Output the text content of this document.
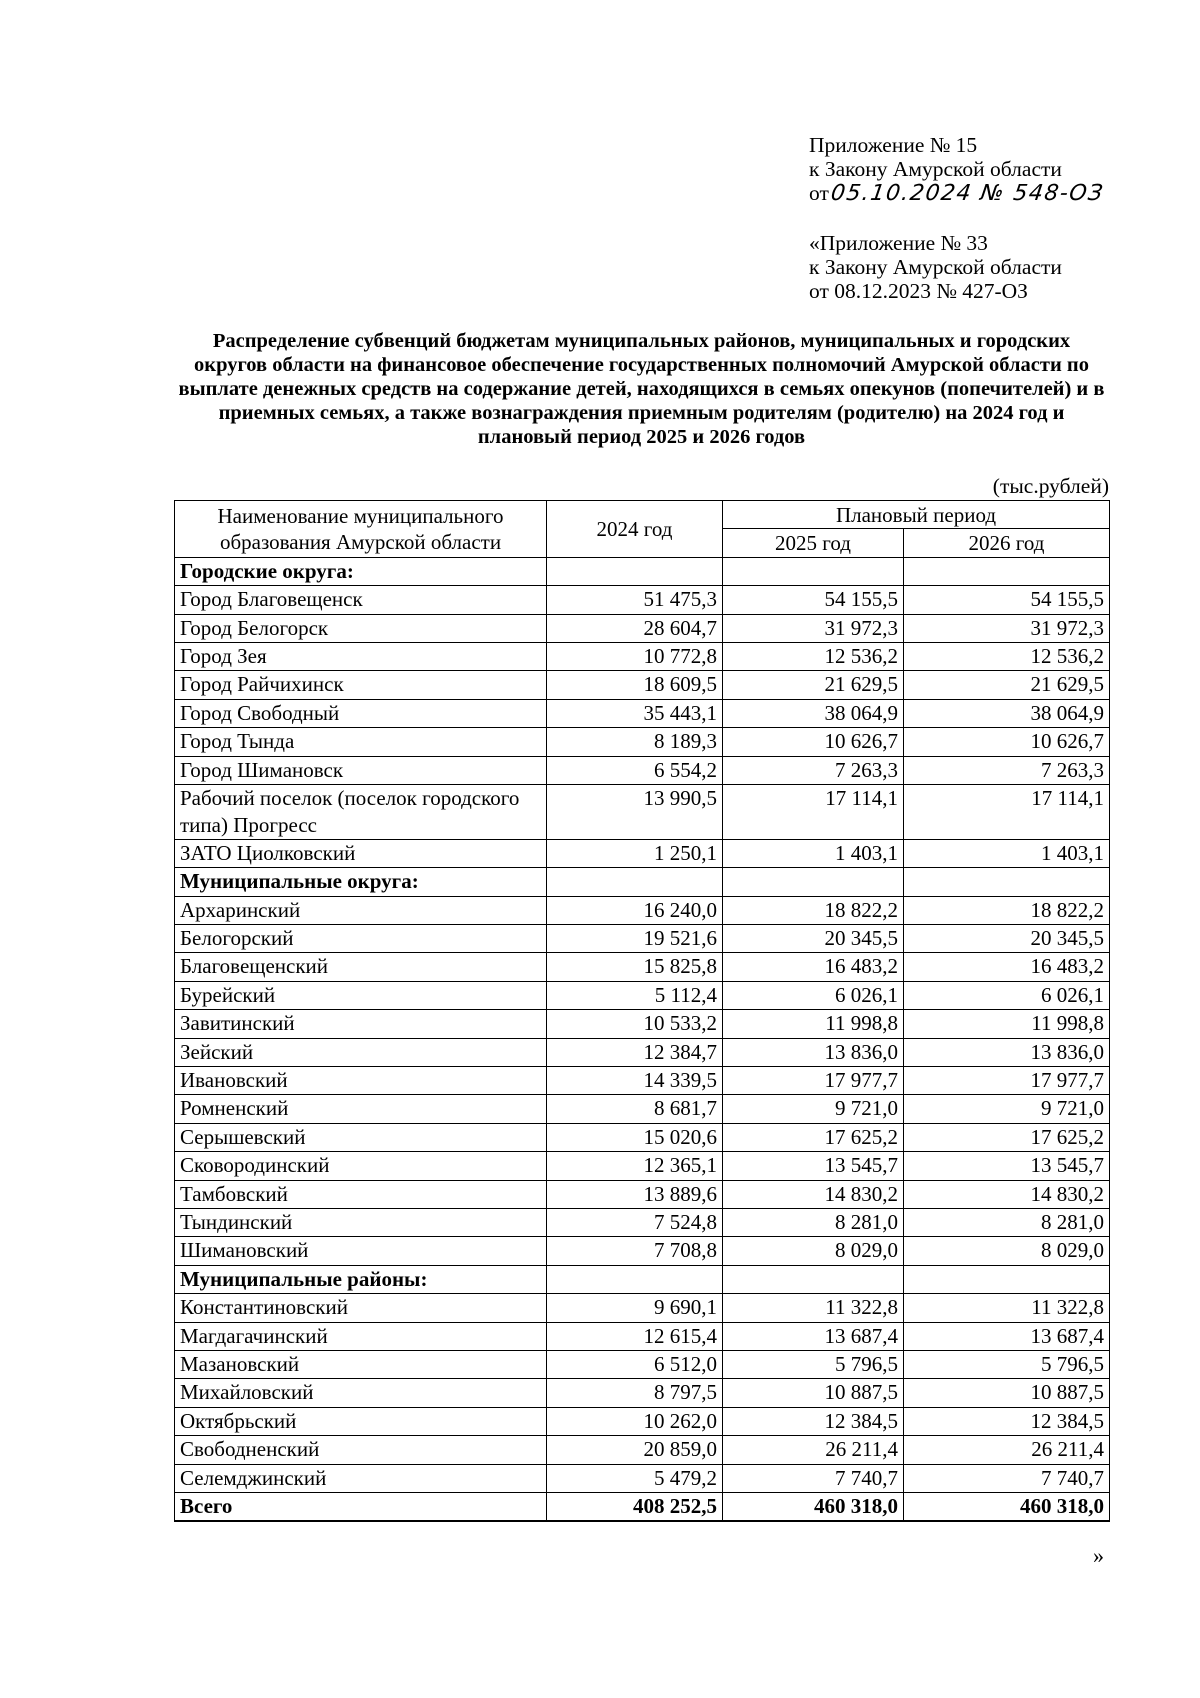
Приложение № 15
к Закону Амурской области
от05.10.2024 № 548-ОЗ
«Приложение № 33
к Закону Амурской области
от 08.12.2023 № 427-ОЗ
Распределение субвенций бюджетам муниципальных районов, муниципальных и городских округов области на финансовое обеспечение государственных полномочий Амурской области по выплате денежных средств на содержание детей, находящихся в семьях опекунов (попечителей) и в приемных семьях, а также вознаграждения приемным родителям (родителю) на 2024 год и плановый период 2025 и 2026 годов
(тыс.рублей)
Наименование муниципального образования Амурской области	2024 год	Плановый период	
		2025 год	2026 год
Городские округа:			
Город Благовещенск	51 475,3	54 155,5	54 155,5
Город Белогорск	28 604,7	31 972,3	31 972,3
Город Зея	10 772,8	12 536,2	12 536,2
Город Райчихинск	18 609,5	21 629,5	21 629,5
Город Свободный	35 443,1	38 064,9	38 064,9
Город Тында	8 189,3	10 626,7	10 626,7
Город Шимановск	6 554,2	7 263,3	7 263,3
Рабочий поселок (поселок городского типа) Прогресс	13 990,5	17 114,1	17 114,1
ЗАТО Циолковский	1 250,1	1 403,1	1 403,1
Муниципальные округа:			
Архаринский	16 240,0	18 822,2	18 822,2
Белогорский	19 521,6	20 345,5	20 345,5
Благовещенский	15 825,8	16 483,2	16 483,2
Бурейский	5 112,4	6 026,1	6 026,1
Завитинский	10 533,2	11 998,8	11 998,8
Зейский	12 384,7	13 836,0	13 836,0
Ивановский	14 339,5	17 977,7	17 977,7
Ромненский	8 681,7	9 721,0	9 721,0
Серышевский	15 020,6	17 625,2	17 625,2
Сковородинский	12 365,1	13 545,7	13 545,7
Тамбовский	13 889,6	14 830,2	14 830,2
Тындинский	7 524,8	8 281,0	8 281,0
Шимановский	7 708,8	8 029,0	8 029,0
Муниципальные районы:			
Константиновский	9 690,1	11 322,8	11 322,8
Магдагачинский	12 615,4	13 687,4	13 687,4
Мазановский	6 512,0	5 796,5	5 796,5
Михайловский	8 797,5	10 887,5	10 887,5
Октябрьский	10 262,0	12 384,5	12 384,5
Свободненский	20 859,0	26 211,4	26 211,4
Селемджинский	5 479,2	7 740,7	7 740,7
Всего	408 252,5	460 318,0	460 318,0
»
